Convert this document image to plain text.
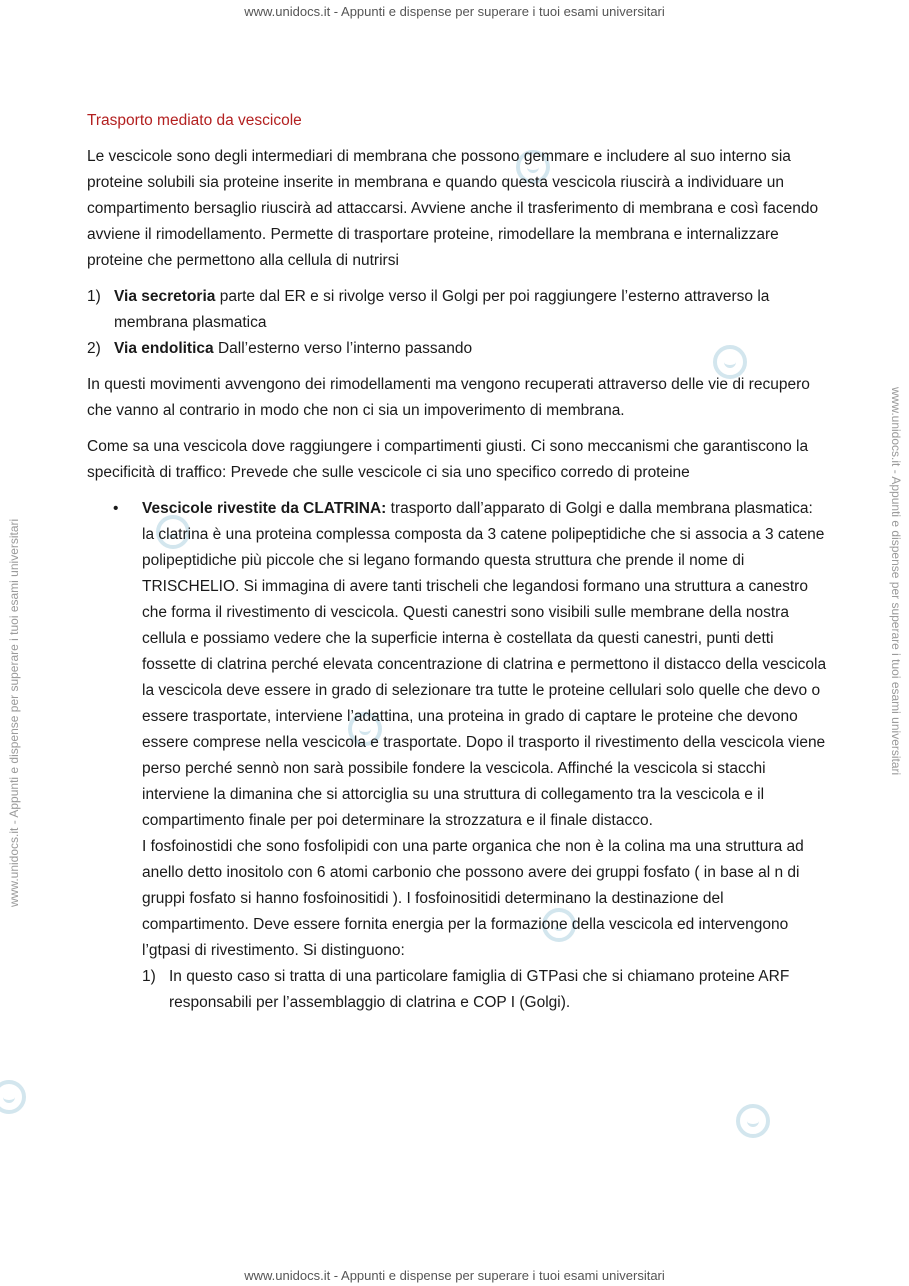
www.unidocs.it - Appunti e dispense per superare i tuoi esami universitari
www.unidocs.it - Appunti e dispense per superare i tuoi esami universitari
www.unidocs.it - Appunti e dispense per superare i tuoi esami universitari	www.unidocs.it - Appunti e dispense per superare i tuoi esami universitari
Trasporto mediato da vescicole

Le vescicole sono degli intermediari di membrana che possono gemmare e includere al suo interno sia proteine solubili sia proteine inserite in membrana e quando questa vescicola riuscirà a individuare un compartimento bersaglio riuscirà ad attaccarsi. Avviene anche il trasferimento di membrana e così facendo avviene il rimodellamento. Permette di trasportare proteine, rimodellare la membrana e internalizzare proteine che permettono alla cellula di nutrirsi

1) Via secretoria parte dal ER e si rivolge verso il Golgi per poi raggiungere l’esterno attraverso la membrana plasmatica
2) Via endolitica Dall’esterno verso l’interno passando

In questi movimenti avvengono dei rimodellamenti ma vengono recuperati attraverso delle vie di recupero che vanno al contrario in modo che non ci sia un impoverimento di membrana.

Come sa una vescicola dove raggiungere i compartimenti giusti. Ci sono meccanismi che garantiscono la specificità di traffico: Prevede che sulle vescicole ci sia uno specifico corredo di proteine

• Vescicole rivestite da CLATRINA: trasporto dall’apparato di Golgi e dalla membrana plasmatica:
la clatrina è una proteina complessa composta da 3 catene polipeptidiche che si associa a 3 catene polipeptidiche più piccole che si legano formando questa struttura che prende il nome di TRISCHELIO. Si immagina di avere tanti trischeli che legandosi formano una struttura a canestro che forma il rivestimento di vescicola. Questi canestri sono visibili sulle membrane della nostra cellula e possiamo vedere che la superficie interna è costellata da questi canestri, punti detti fossette di clatrina perché elevata concentrazione di clatrina e permettono il distacco della vescicola
la vescicola deve essere in grado di selezionare tra tutte le proteine cellulari solo quelle che devo o essere trasportate, interviene l’adattina, una proteina in grado di captare le proteine che devono essere comprese nella vescicola e trasportate. Dopo il trasporto il rivestimento della vescicola viene perso perché sennò non sarà possibile fondere la vescicola. Affinché la vescicola si stacchi interviene la dimanina che si attorciglia su una struttura di collegamento tra la vescicola e il compartimento finale per poi determinare la strozzatura e il finale distacco.
I fosfoinostidi che sono fosfolipidi con una parte organica che non è la colina ma una struttura ad anello detto inositolo con 6 atomi carbonio che possono avere dei gruppi fosfato ( in base al n di gruppi fosfato si hanno fosfoinositidi ). I fosfoinositidi determinano la destinazione del compartimento. Deve essere fornita energia per la formazione della vescicola ed intervengono l’gtpasi di rivestimento. Si distinguono:
1) In questo caso si tratta di una particolare famiglia di GTPasi che si chiamano proteine ARF responsabili per l’assemblaggio di clatrina e COP I (Golgi).
